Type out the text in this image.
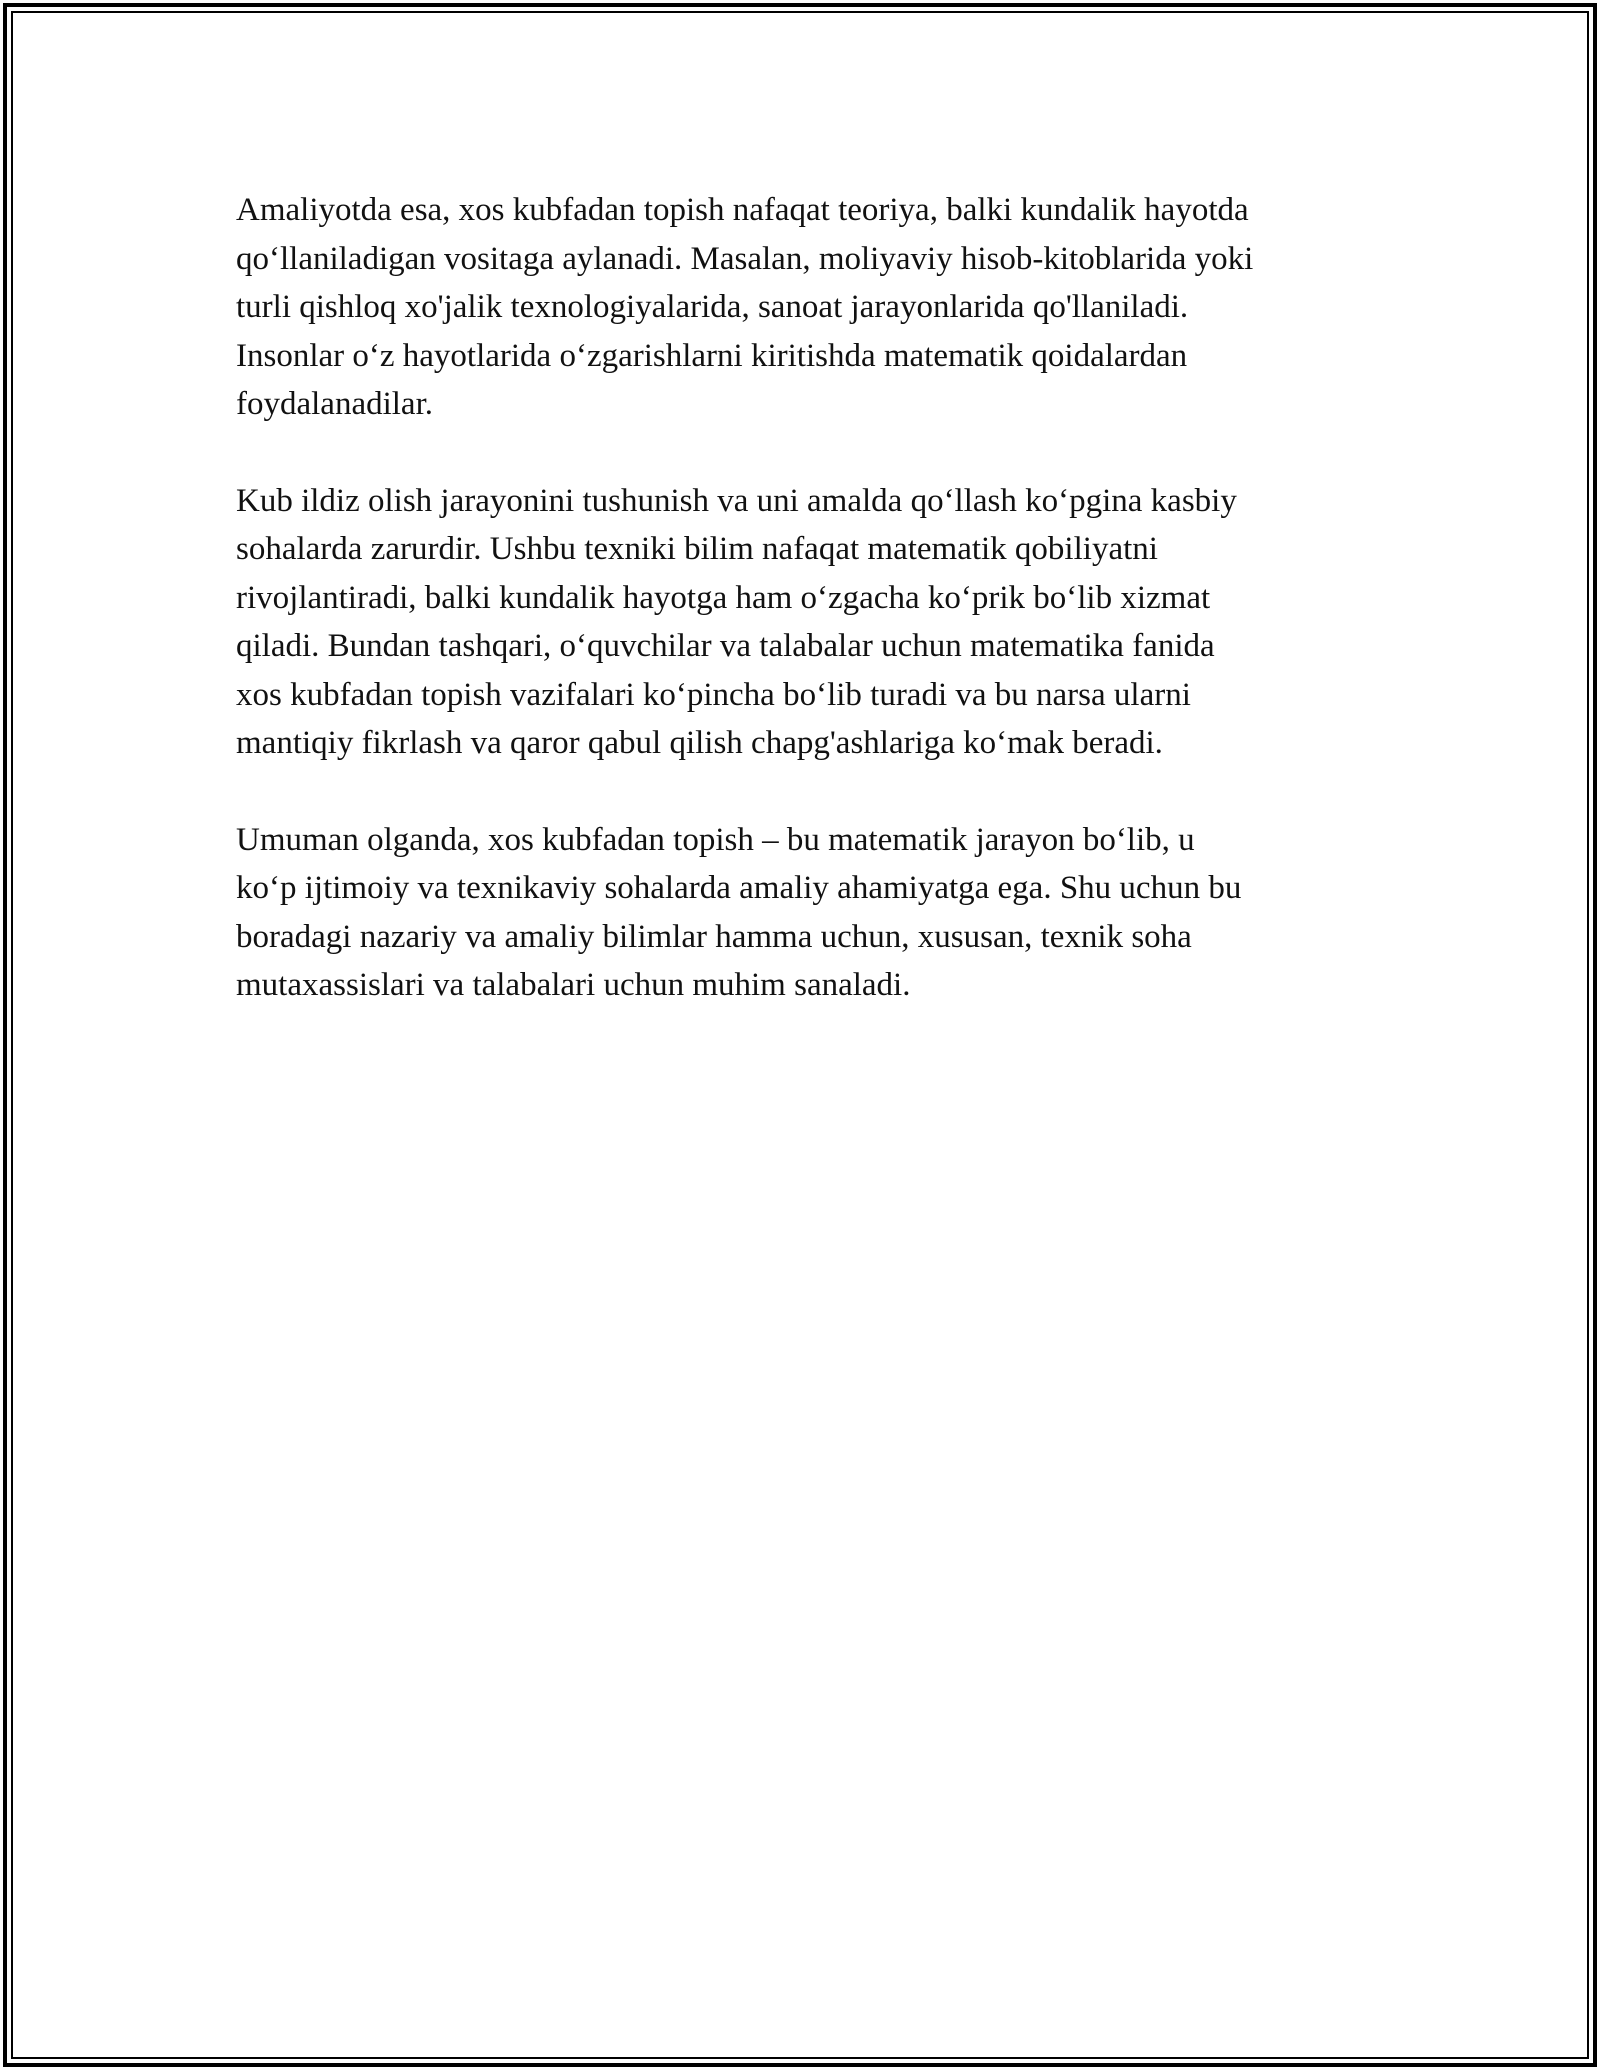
Amaliyotda esa, xos kubfadan topish nafaqat teoriya, balki kundalik hayotda
qo‘llaniladigan vositaga aylanadi. Masalan, moliyaviy hisob-kitoblarida yoki
turli qishloq xo'jalik texnologiyalarida, sanoat jarayonlarida qo'llaniladi.
Insonlar o‘z hayotlarida o‘zgarishlarni kiritishda matematik qoidalardan
foydalanadilar.

Kub ildiz olish jarayonini tushunish va uni amalda qo‘llash ko‘pgina kasbiy
sohalarda zarurdir. Ushbu texniki bilim nafaqat matematik qobiliyatni
rivojlantiradi, balki kundalik hayotga ham o‘zgacha ko‘prik bo‘lib xizmat
qiladi. Bundan tashqari, o‘quvchilar va talabalar uchun matematika fanida
xos kubfadan topish vazifalari ko‘pincha bo‘lib turadi va bu narsa ularni
mantiqiy fikrlash va qaror qabul qilish chapg'ashlariga ko‘mak beradi.

Umuman olganda, xos kubfadan topish – bu matematik jarayon bo‘lib, u
ko‘p ijtimoiy va texnikaviy sohalarda amaliy ahamiyatga ega. Shu uchun bu
boradagi nazariy va amaliy bilimlar hamma uchun, xususan, texnik soha
mutaxassislari va talabalari uchun muhim sanaladi.
